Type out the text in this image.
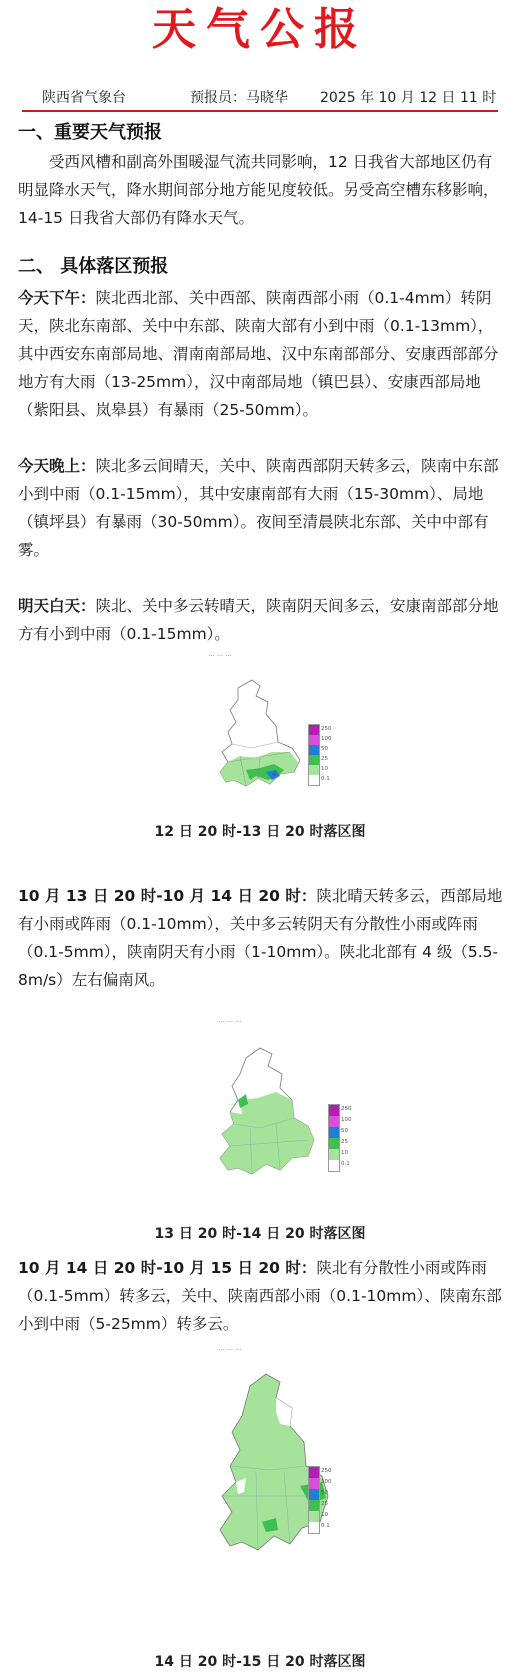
天气公报
陕西省气象台	预报员：马晓华 2025 年 10 月 12 日 11 时
一、重要天气预报
受西风槽和副高外围暖湿气流共同影响，12 日我省大部地区仍有明显降水天气，降水期间部分地方能见度较低。另受高空槽东移影响，14-15 日我省大部仍有降水天气。
二、 具体落区预报
今天下午：陕北西北部、关中西部、陕南西部小雨（0.1-4mm）转阴天，陕北东南部、关中中东部、陕南大部有小到中雨（0.1-13mm），其中西安东南部局地、渭南南部局地、汉中东南部部分、安康西部部分地方有大雨（13-25mm），汉中南部局地（镇巴县）、安康西部局地（紫阳县、岚皋县）有暴雨（25-50mm）。
今天晚上：陕北多云间晴天，关中、陕南西部阴天转多云，陕南中东部小到中雨（0.1-15mm），其中安康南部有大雨（15-30mm）、局地（镇坪县）有暴雨（30-50mm）。夜间至清晨陕北东部、关中中部有雾。
明天白天：陕北、关中多云转晴天，陕南阴天间多云，安康南部部分地方有小到中雨（0.1-15mm）。
··· ··· ···
250
100
50
25
10
0.1
12 日 20 时-13 日 20 时落区图
10 月 13 日 20 时-10 月 14 日 20 时：陕北晴天转多云，西部局地有小雨或阵雨（0.1-10mm），关中多云转阴天有分散性小雨或阵雨（0.1-5mm），陕南阴天有小雨（1-10mm）。陕北北部有 4 级（5.5-8m/s）左右偏南风。
··· ··· ···
250
100
50
25
10
0.1
13 日 20 时-14 日 20 时落区图
10 月 14 日 20 时-10 月 15 日 20 时：陕北有分散性小雨或阵雨（0.1-5mm）转多云，关中、陕南西部小雨（0.1-10mm）、陕南东部小到中雨（5-25mm）转多云。
··· ··· ···
250
100
50
25
10
0.1
14 日 20 时-15 日 20 时落区图
